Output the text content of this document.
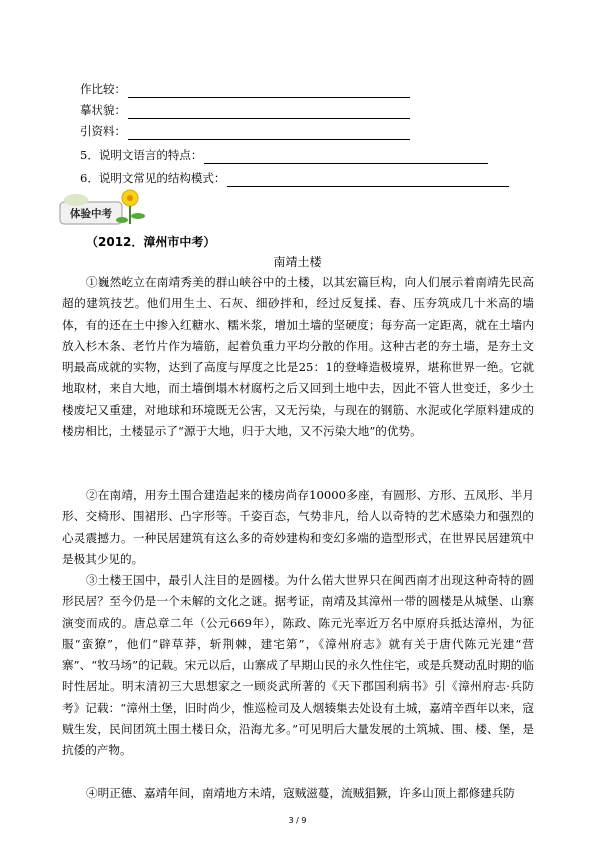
作比较：
摹状貌：
引资料：
5．说明文语言的特点：
6．说明文常见的结构模式：
体验中考
（2012．漳州市中考）
南靖土楼

①巍然屹立在南靖秀美的群山峡谷中的土楼，以其宏篇巨构，向人们展示着南靖先民高超的建筑技艺。他们用生土、石灰、细砂拌和，经过反复揉、舂、压夯筑成几十米高的墙体，有的还在土中掺入红糖水、糯米浆，增加土墙的坚硬度；每夯高一定距离，就在土墙内放入杉木条、老竹片作为墙筋，起着负重力平均分散的作用。这种古老的夯土墙，是夯土文明最高成就的实物，达到了高度与厚度之比是25：1的登峰造极境界，堪称世界一绝。它就地取材，来自大地，而土墙倒塌木材腐朽之后又回到土地中去，因此不管人世变迁，多少土楼废圮又重建，对地球和环境既无公害，又无污染，与现在的钢筋、水泥或化学原料建成的楼房相比，土楼显示了“源于大地，归于大地，又不污染大地”的优势。

②在南靖，用夯土围合建造起来的楼房尚存10000多座，有圆形、方形、五凤形、半月形、交椅形、围裙形、凸字形等。千姿百态，气势非凡，给人以奇特的艺术感染力和强烈的心灵震撼力。一种民居建筑有这么多的奇妙建构和变幻多端的造型形式，在世界民居建筑中是极其少见的。

③土楼王国中，最引人注目的是圆楼。为什么偌大世界只在闽西南才出现这种奇特的圆形民居？至今仍是一个未解的文化之谜。据考证，南靖及其漳州一带的圆楼是从城堡、山寨演变而成的。唐总章二年（公元669年），陈政、陈元光率近万名中原府兵抵达漳州，为征服“蛮獠”，他们“辟草莽，斩荆棘，建宅第”，《漳州府志》就有关于唐代陈元光建“营寨”、“牧马场”的记载。宋元以后，山寨成了早期山民的永久性住宅，或是兵燹动乱时期的临时性居址。明末清初三大思想家之一顾炎武所著的《天下郡国利病书》引《漳州府志·兵防考》记载：“漳州土堡，旧时尚少，惟巡检司及人烟辏集去处设有土城，嘉靖辛酉年以来，寇贼生发，民间团筑土围土楼日众，沿海尤多。”可见明后大量发展的土筑城、围、楼、堡，是抗倭的产物。

④明正德、嘉靖年间，南靖地方未靖，寇贼滋蔓，流贼猖獗，许多山顶上都修建兵防

3 / 9
